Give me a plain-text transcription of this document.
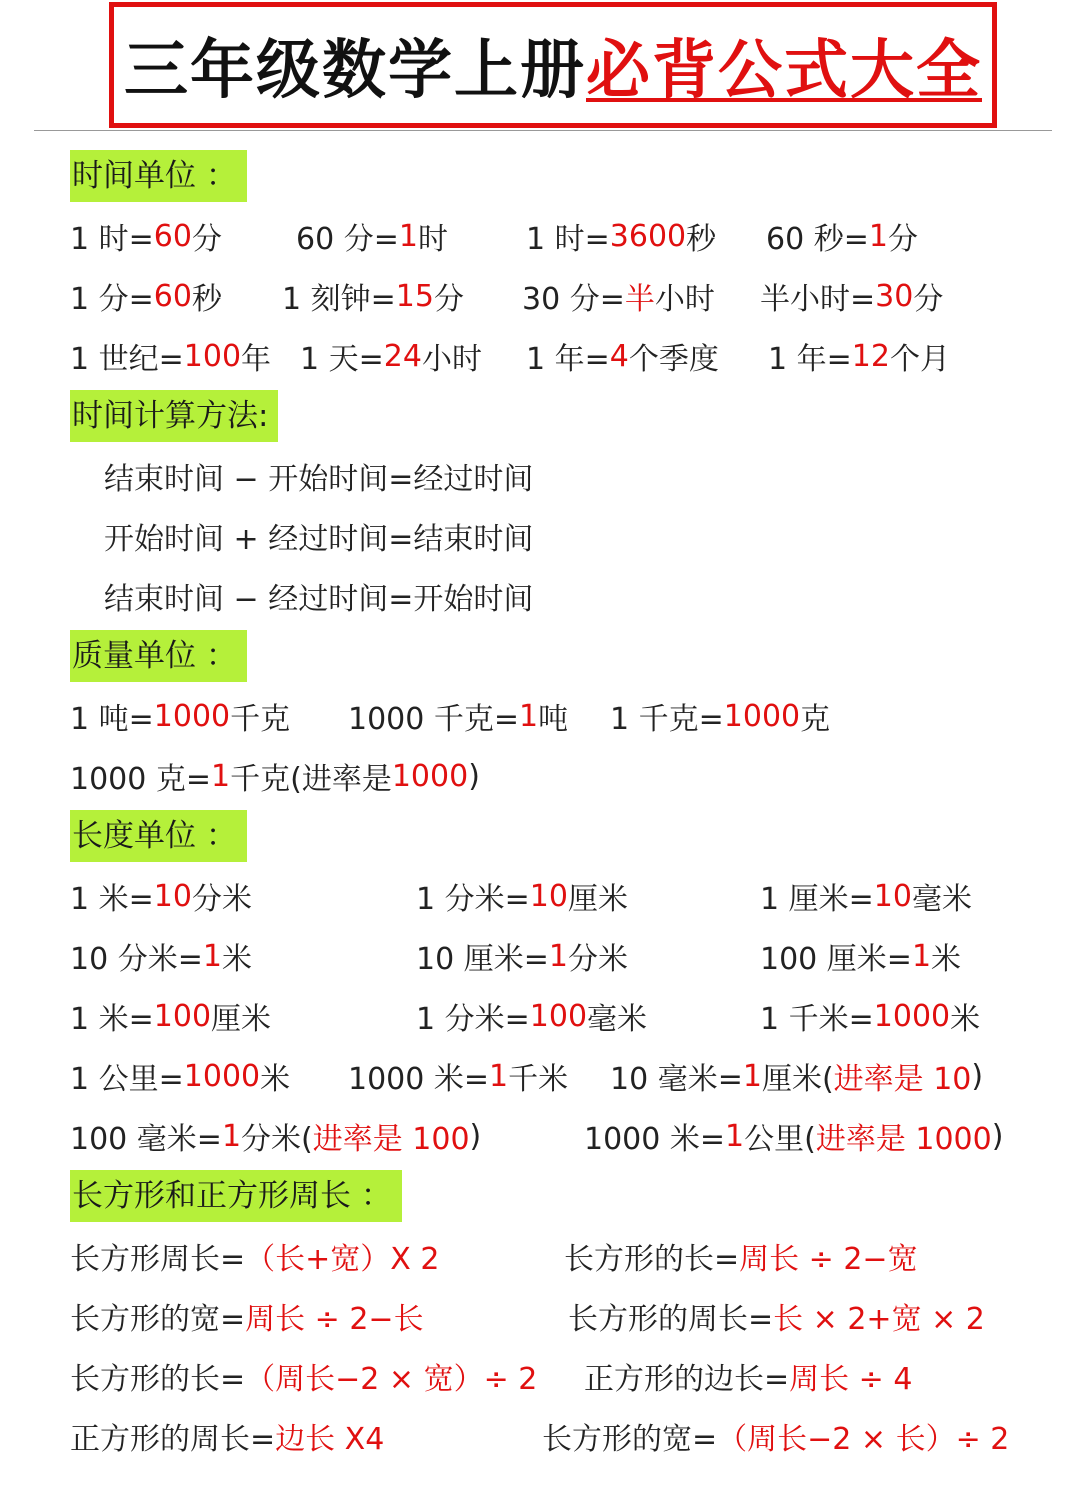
三年级数学上册必背公式大全
时间单位 ：
1 时= 60 分 60 分= 1 时	1 时= 3600 秒 60 秒= 1 分
1 分= 60 秒 1 刻钟= 15 分 30 分= 半 小时 半小时= 30 分
1 世纪= 100 年 1 天= 24 小时 1 年= 4 个季度 1 年= 12 个月
时间计算方法:
结束时间 − 开始时间=经过时间
开始时间 + 经过时间=结束时间
结束时间 − 经过时间=开始时间
质量单位 ：
1 吨= 1000 千克 1000 千克= 1 吨 1 千克= 1000 克
1000 克= 1 千克(进率是 1000 )
长度单位 ：
1 米= 10 分米	1 分米= 10 厘米	1 厘米= 10 毫米
10 分米= 1 米	10 厘米= 1 分米	100 厘米= 1 米
1 米= 100 厘米	1 分米= 100 毫米	1 千米= 1000 米
1 公里= 1000 米 1000 米= 1 千米 10 毫米= 1 厘米( 进率是 10 )
100 毫米= 1 分米( 进率是 100 )	1000 米= 1 公里( 进率是 1000 )
长方形和正方形周长 ：
长方形周长= （长+宽）X 2	长方形的长= 周长 ÷ 2−宽
长方形的宽= 周长 ÷ 2−长	长方形的周长= 长 × 2+宽 × 2
长方形的长= （周长−2 × 宽）÷ 2 正方形的边长= 周长 ÷ 4
正方形的周长= 边长 X4	长方形的宽= （周长−2 × 长）÷ 2
